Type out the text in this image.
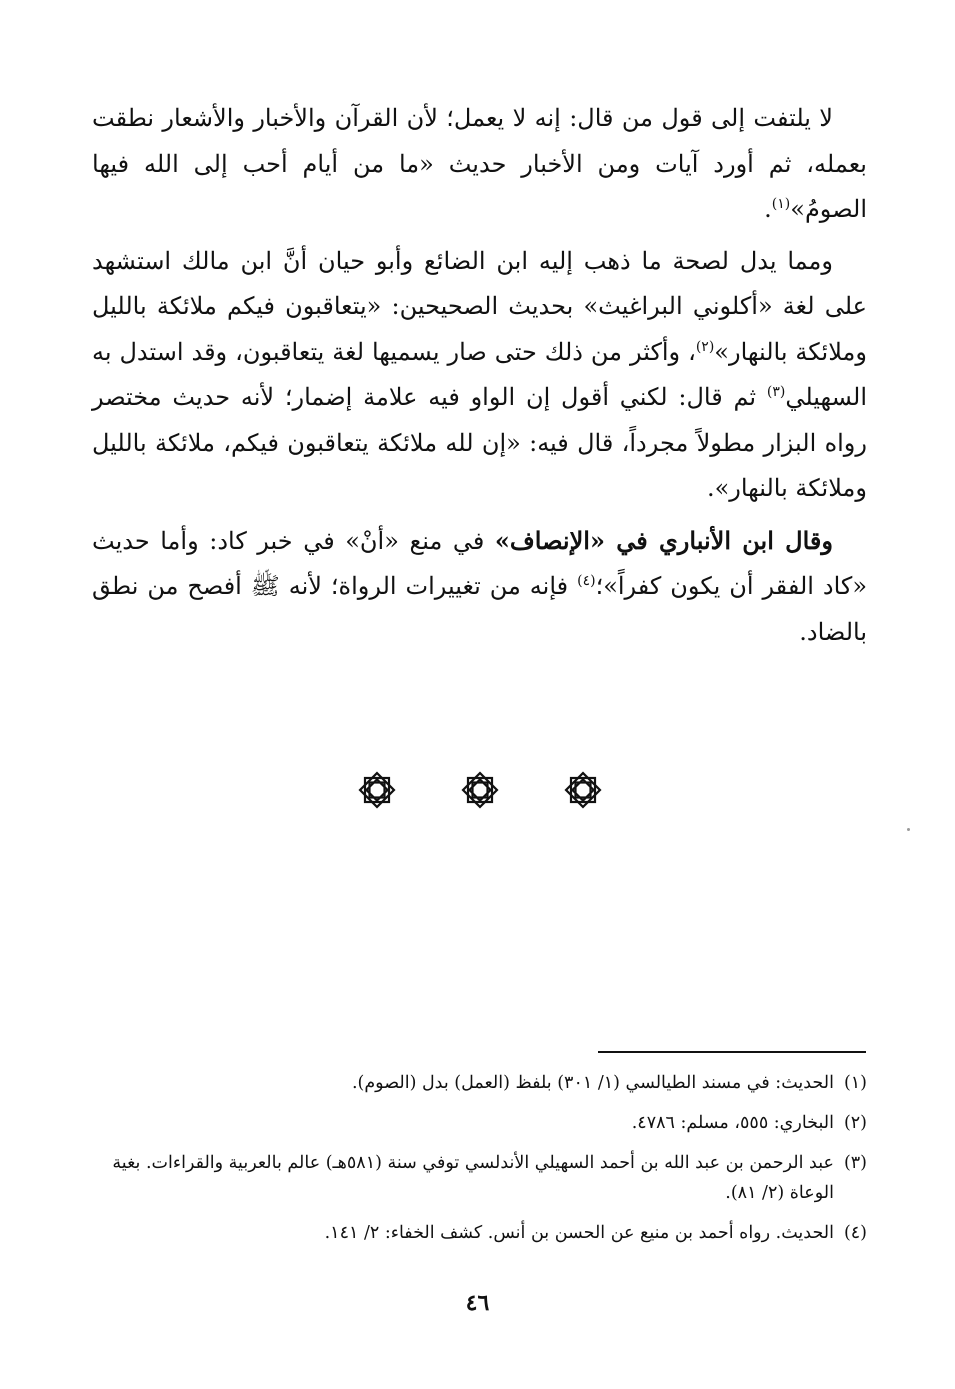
لا يلتفت إلى قول من قال: إنه لا يعمل؛ لأن القرآن والأخبار والأشعار نطقت بعمله، ثم أورد آيات ومن الأخبار حديث «ما من أيام أحب إلى الله فيها الصومُ»$^{(١)}$.

ومما يدل لصحة ما ذهب إليه ابن الضائع وأبو حيان أنَّ ابن مالك استشهد على لغة «أكلوني البراغيث» بحديث الصحيحين: «يتعاقبون فيكم ملائكة بالليل وملائكة بالنهار»$^{(٢)}$، وأكثر من ذلك حتى صار يسميها لغة يتعاقبون، وقد استدل به السهيلي$^{(٣)}$ ثم قال: لكني أقول إن الواو فيه علامة إضمار؛ لأنه حديث مختصر رواه البزار مطولاً مجرداً، قال فيه: «إن لله ملائكة يتعاقبون فيكم، ملائكة بالليل وملائكة بالنهار».

وقال ابن الأنباري في «الإنصاف» في منع «أنْ» في خبر كاد: وأما حديث «كاد الفقر أن يكون كفراً»؛$^{(٤)}$ فإنه من تغييرات الرواة؛ لأنه ﷺ أفصح من نطق بالضاد.

(١)
الحديث: في مسند الطيالسي (١/ ٣٠١) بلفظ (العمل) بدل (الصوم).
(٢)
البخاري: ٥٥٥، مسلم: ٤٧٨٦.
(٣)
عبد الرحمن بن عبد الله بن أحمد السهيلي الأندلسي توفي سنة (٥٨١هـ) عالم بالعربية والقراءات. بغية الوعاة (٢/ ٨١).
(٤)
الحديث. رواه أحمد بن منيع عن الحسن بن أنس. كشف الخفاء: ٢/ ١٤١.
٤٦
